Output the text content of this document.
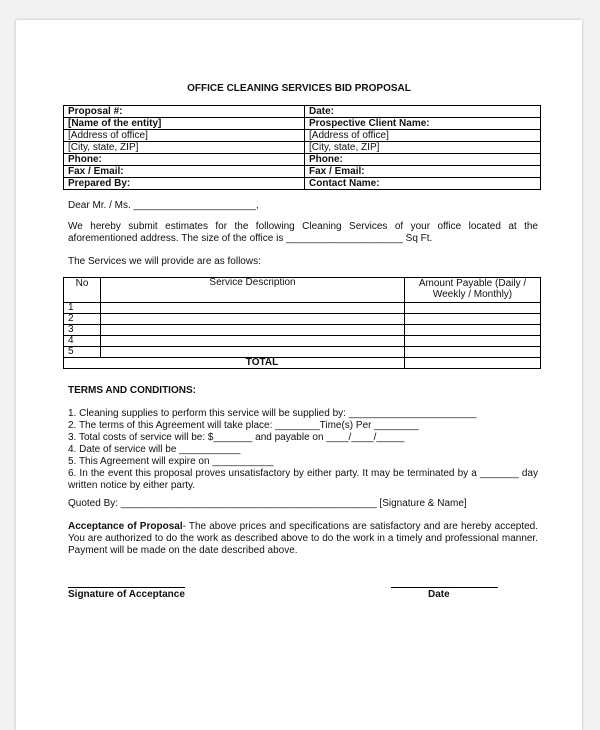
OFFICE CLEANING SERVICES BID PROPOSAL
Proposal #:	Date:
[Name of the entity]	Prospective Client Name:
[Address of office]	[Address of office]
[City, state, ZIP]	[City, state, ZIP]
Phone:	Phone:
Fax / Email:	Fax / Email:
Prepared By:	Contact Name:
Dear Mr. / Ms. ______________________,
We hereby submit estimates for the following Cleaning Services of your office located at the aforementioned address. The size of the office is _____________________ Sq Ft.
The Services we will provide are as follows:
No	Service Description	Amount Payable (Daily /
Weekly / Monthly)
1		
2		
3		
4		
5		
TOTAL		
TERMS AND CONDITIONS:
1. Cleaning supplies to perform this service will be supplied by: _______________________
2. The terms of this Agreement will take place: ________Time(s) Per ________
3. Total costs of service will be: $_______ and payable on ____/____/_____
4. Date of service will be ___________
5. This Agreement will expire on ___________
6. In the event this proposal proves unsatisfactory by either party. It may be terminated by a _______ day written notice by either party.
Quoted By: ______________________________________________ [Signature & Name]
Acceptance of Proposal- The above prices and specifications are satisfactory and are hereby accepted. You are authorized to do the work as described above to do the work in a timely and professional manner. Payment will be made on the date described above.
Signature of Acceptance	Date
